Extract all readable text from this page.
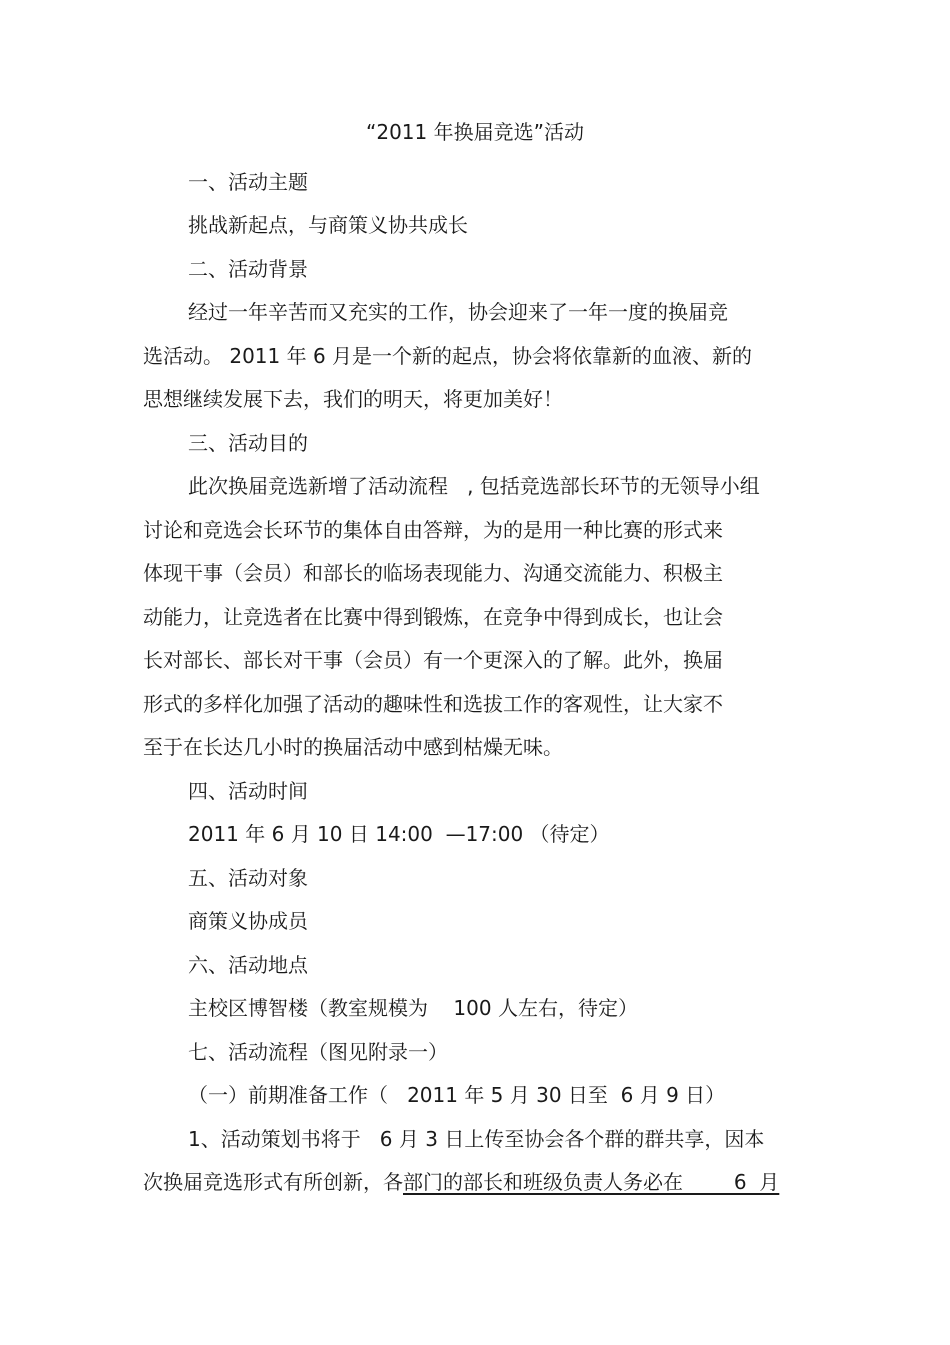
“2011 年换届竞选”活动
一、活动主题
挑战新起点，与商策义协共成长
二、活动背景
经过一年辛苦而又充实的工作，协会迎来了一年一度的换届竞
选活动。 2011 年 6 月是一个新的起点，协会将依靠新的血液、新的
思想继续发展下去，我们的明天，将更加美好！
三、活动目的
此次换届竞选新增了活动流程   , 包括竞选部长环节的无领导小组
讨论和竞选会长环节的集体自由答辩，为的是用一种比赛的形式来
体现干事（会员）和部长的临场表现能力、沟通交流能力、积极主
动能力，让竞选者在比赛中得到锻炼，在竞争中得到成长，也让会
长对部长、部长对干事（会员）有一个更深入的了解。此外，换届
形式的多样化加强了活动的趣味性和选拔工作的客观性，让大家不
至于在长达几小时的换届活动中感到枯燥无味。
四、活动时间
2011 年 6 月 10 日 14:00  —17:00 （待定）
五、活动对象
商策义协成员
六、活动地点
主校区博智楼（教室规模为    100 人左右，待定）
七、活动流程（图见附录一）
（一）前期准备工作（   2011 年 5 月 30 日至  6 月 9 日）
1、活动策划书将于   6 月 3 日上传至协会各个群的群共享，因本
次换届竞选形式有所创新，各部门的部长和班级负责人务必在        6  月
